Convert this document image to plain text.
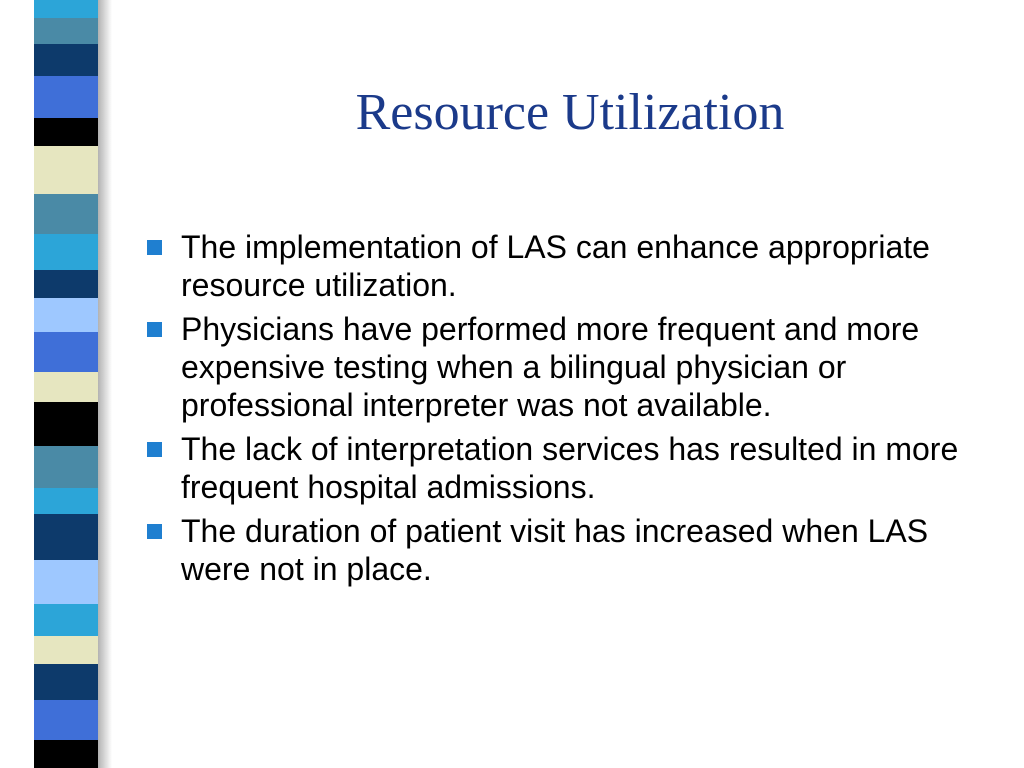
Resource Utilization
The implementation of LAS can enhance appropriate resource utilization.
Physicians have performed more frequent and more expensive testing when a bilingual physician or professional interpreter was not available.
The lack of interpretation services has resulted in more frequent hospital admissions.
The duration of patient visit has increased when LAS were not in place.
